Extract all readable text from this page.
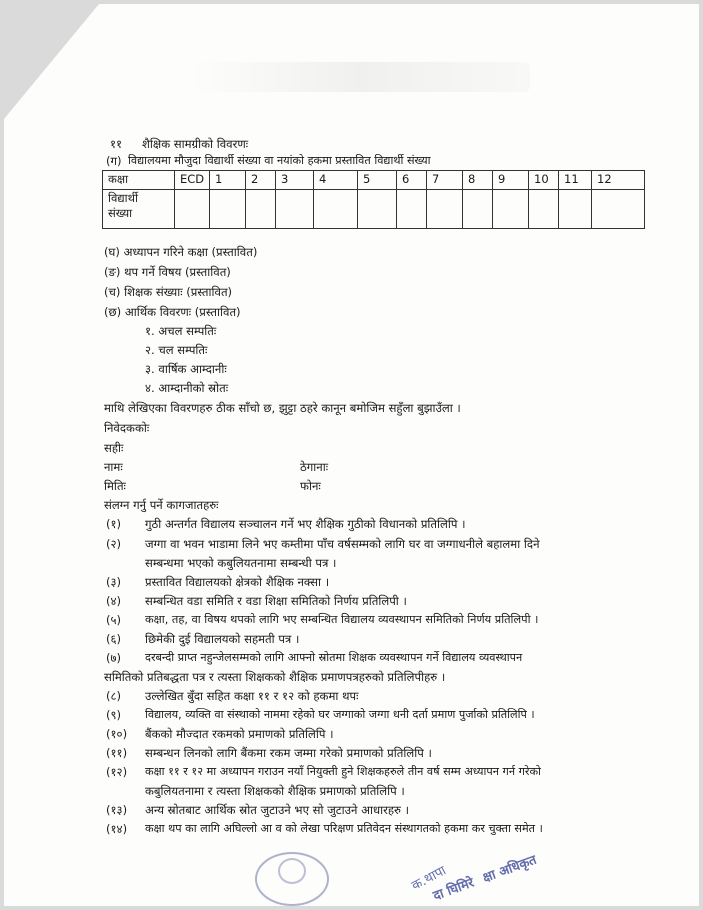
११ शैक्षिक सामग्रीको विवरणः
(ग) विद्यालयमा मौजुदा विद्यार्थी संख्या वा नयांको हकमा प्रस्तावित विद्यार्थी संख्या
कक्षा	ECD	1	2	3	4	5	6	7	8	9	10	11	12

विद्यार्थी
संख्या													

(घ) अध्यापन गरिने कक्षा (प्रस्तावित)
(ङ) थप गर्ने विषय (प्रस्तावित)
(च) शिक्षक संख्याः (प्रस्तावित)
(छ) आर्थिक विवरणः (प्रस्तावित)
१. अचल सम्पतिः
२. चल सम्पतिः
३. वार्षिक आम्दानीः
४. आम्दानीको स्रोतः
माथि लेखिएका विवरणहरु ठीक साँचो छ, झुट्टा ठहरे कानून बमोजिम सहुँला बुझाउँला ।
निवेदककोः
सहीः
नामः	ठेगानाः
मितिः	फोनः
संलग्न गर्नु पर्ने कागजातहरुः
(१) गुठी अन्तर्गत विद्यालय सञ्चालन गर्ने भए शैक्षिक गुठीको विधानको प्रतिलिपि ।
(२) जग्गा वा भवन भाडामा लिने भए कम्तीमा पाँच वर्षसम्मको लागि घर वा जग्गाधनीले बहालमा दिने
सम्बन्धमा भएको कबुलियतनामा सम्बन्धी पत्र ।
(३) प्रस्तावित विद्यालयको क्षेत्रको शैक्षिक नक्सा ।
(४) सम्बन्धित वडा समिति र वडा शिक्षा समितिको निर्णय प्रतिलिपी ।
(५) कक्षा, तह, वा विषय थपको लागि भए सम्बन्धित विद्यालय व्यवस्थापन समितिको निर्णय प्रतिलिपी ।
(६) छिमेकी दुई विद्यालयको सहमती पत्र ।
(७) दरबन्दी प्राप्त नहुन्जेलसम्मको लागि आफ्नो स्रोतमा शिक्षक व्यवस्थापन गर्ने विद्यालय व्यवस्थापन
समितिको प्रतिबद्धता पत्र र त्यस्ता शिक्षकको शैक्षिक प्रमाणपत्रहरुको प्रतिलिपीहरु ।
(८) उल्लेखित बुँदा सहित कक्षा ११ र १२ को हकमा थपः
(९) विद्यालय, व्यक्ति वा संस्थाको नाममा रहेको घर जग्गाको जग्गा धनी दर्ता प्रमाण पुर्जाको प्रतिलिपि ।
(१०) बैंकको मौज्दात रकमको प्रमाणको प्रतिलिपि ।
(११) सम्बन्धन लिनको लागि बैंकमा रकम जम्मा गरेको प्रमाणको प्रतिलिपि ।
(१२) कक्षा ११ र १२ मा अध्यापन गराउन नयाँ नियुक्ती हुने शिक्षकहरुले तीन वर्ष सम्म अध्यापन गर्न गरेको
कबुलियतनामा र त्यस्ता शिक्षकको शैक्षिक प्रमाणको प्रतिलिपि ।
(१३) अन्य स्रोतबाट आर्थिक स्रोत जुटाउने भए सो जुटाउने आधारहरु ।
(१४) कक्षा थप का लागि अघिल्लो आ व को लेखा परिक्षण प्रतिवेदन संस्थागतको हकमा कर चुक्ता समेत ।
क.थापा
दा घिमिरे क्षा अधिकृत
